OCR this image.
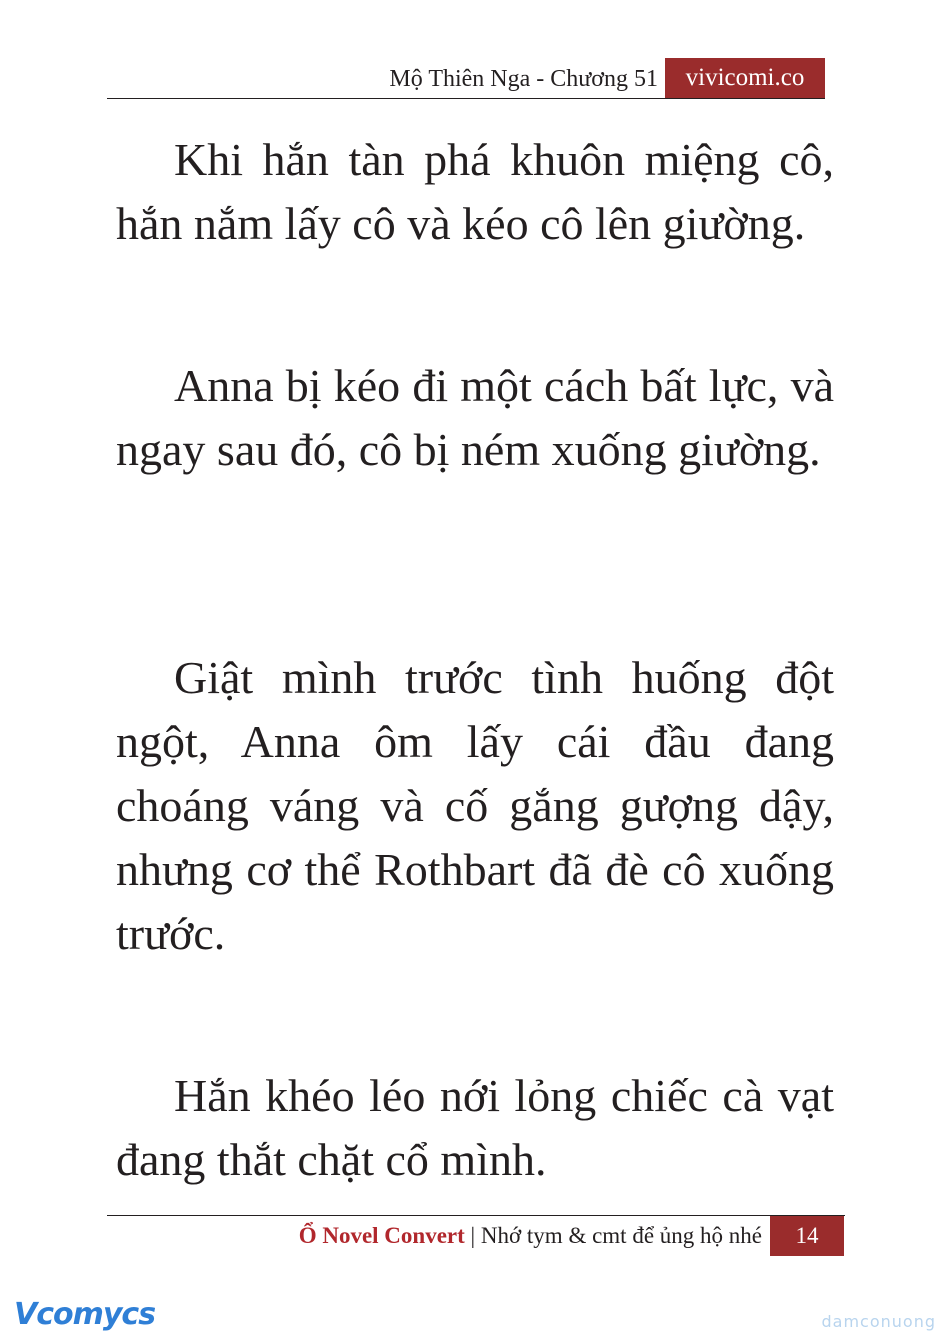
Mộ Thiên Nga - Chương 51	vivicomi.co

Khi hắn tàn phá khuôn miệng cô, hắn nắm lấy cô và kéo cô lên giường.

Anna bị kéo đi một cách bất lực, và ngay sau đó, cô bị ném xuống giường.

Giật mình trước tình huống đột ngột, Anna ôm lấy cái đầu đang choáng váng và cố gắng gượng dậy, nhưng cơ thể Rothbart đã đè cô xuống trước.

Hắn khéo léo nới lỏng chiếc cà vạt đang thắt chặt cổ mình.

Ổ Novel Convert | Nhớ tym & cmt để ủng hộ nhé	14
Vcomycs	damconuong
